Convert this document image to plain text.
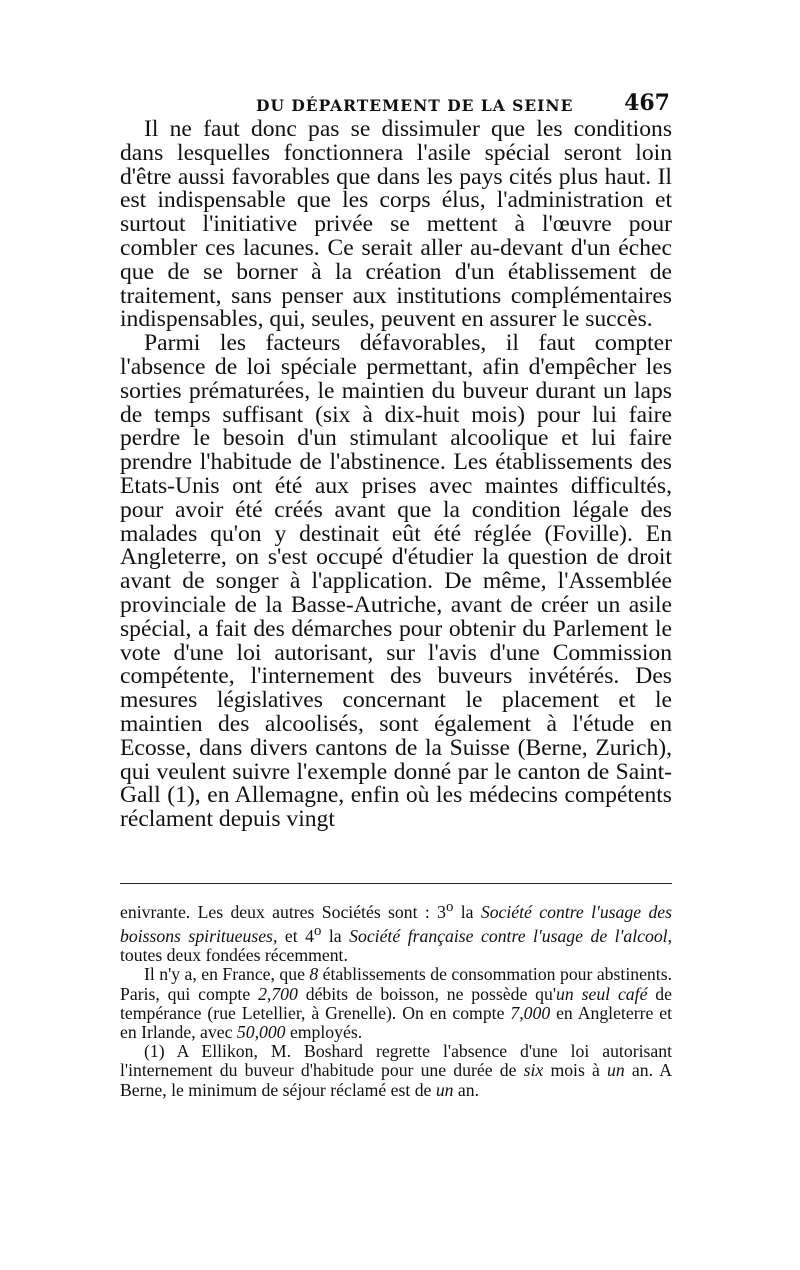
DU DÉPARTEMENT DE LA SEINE 467

Il ne faut donc pas se dissimuler que les conditions dans lesquelles fonctionnera l'asile spécial seront loin d'être aussi favorables que dans les pays cités plus haut. Il est indispensable que les corps élus, l'administration et surtout l'initiative privée se mettent à l'œuvre pour combler ces lacunes. Ce serait aller au-devant d'un échec que de se borner à la création d'un établissement de traitement, sans penser aux institutions complémentaires indispensables, qui, seules, peuvent en assurer le succès.

Parmi les facteurs défavorables, il faut compter l'absence de loi spéciale permettant, afin d'empêcher les sorties prématurées, le maintien du buveur durant un laps de temps suffisant (six à dix-huit mois) pour lui faire perdre le besoin d'un stimulant alcoolique et lui faire prendre l'habitude de l'abstinence. Les établissements des Etats-Unis ont été aux prises avec maintes difficultés, pour avoir été créés avant que la condition légale des malades qu'on y destinait eût été réglée (Foville). En Angleterre, on s'est occupé d'étudier la question de droit avant de songer à l'application. De même, l'Assemblée provinciale de la Basse-Autriche, avant de créer un asile spécial, a fait des démarches pour obtenir du Parlement le vote d'une loi autorisant, sur l'avis d'une Commission compétente, l'internement des buveurs invétérés. Des mesures législatives concernant le placement et le maintien des alcoolisés, sont également à l'étude en Ecosse, dans divers cantons de la Suisse (Berne, Zurich), qui veulent suivre l'exemple donné par le canton de Saint-Gall (1), en Allemagne, enfin où les médecins compétents réclament depuis vingt

enivrante. Les deux autres Sociétés sont : 3$^o$ la Société contre l'usage des boissons spiritueuses, et 4$^o$ la Société française contre l'usage de l'alcool, toutes deux fondées récemment.

Il n'y a, en France, que 8 établissements de consommation pour abstinents. Paris, qui compte 2,700 débits de boisson, ne possède qu'un seul café de tempérance (rue Letellier, à Grenelle). On en compte 7,000 en Angleterre et en Irlande, avec 50,000 employés.

(1) A Ellikon, M. Boshard regrette l'absence d'une loi autorisant l'internement du buveur d'habitude pour une durée de six mois à un an. A Berne, le minimum de séjour réclamé est de un an.
